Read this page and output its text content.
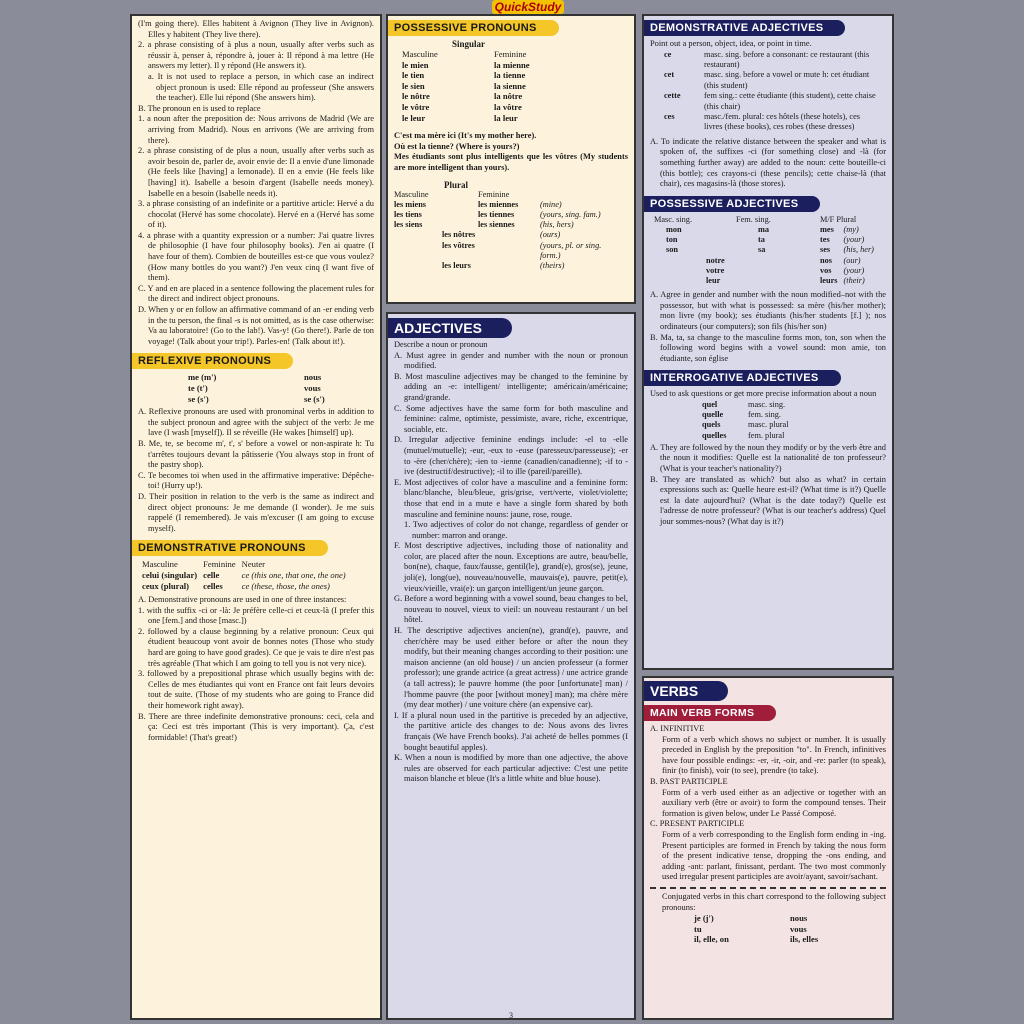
QuickStudy

(I'm going there). Elles habitent à Avignon (They live in Avignon). Elles y habitent (They live there).

2. a phrase consisting of à plus a noun, usually after verbs such as réussir à, penser à, répondre à, jouer à: Il répond à ma lettre (He answers my letter). Il y répond (He answers it).

a. It is not used to replace a person, in which case an indirect object pronoun is used: Elle répond au professeur (She answers the teacher). Elle lui répond (She answers him).

B. The pronoun en is used to replace

1. a noun after the preposition de: Nous arrivons de Madrid (We are arriving from Madrid). Nous en arrivons (We are arriving from there).

2. a phrase consisting of de plus a noun, usually after verbs such as avoir besoin de, parler de, avoir envie de: Il a envie d'une limonade (He feels like [having] a lemonade). Il en a envie (He feels like [having] it). Isabelle a besoin d'argent (Isabelle needs money). Isabelle en a besoin (Isabelle needs it).

3. a phrase consisting of an indefinite or a partitive article: Hervé a du chocolat (Hervé has some chocolate). Hervé en a (Hervé has some of it).

4. a phrase with a quantity expression or a number: J'ai quatre livres de philosophie (I have four philosophy books). J'en ai quatre (I have four of them). Combien de bouteilles est-ce que vous voulez? (How many bottles do you want?) J'en veux cinq (I want five of them).

C. Y and en are placed in a sentence following the placement rules for the direct and indirect object pronouns.

D. When y or en follow an affirmative command of an -er ending verb in the tu person, the final -s is not omitted, as is the case otherwise: Va au laboratoire! (Go to the lab!). Vas-y! (Go there!). Parle de ton voyage! (Talk about your trip!). Parles-en! (Talk about it!).

REFLEXIVE PRONOUNS
me (m')	nous
te (t')	vous
se (s')	se (s')

A. Reflexive pronouns are used with pronominal verbs in addition to the subject pronoun and agree with the subject of the verb: Je me lave (I wash [myself]). Il se réveille (He wakes [himself] up).

B. Me, te, se become m', t', s' before a vowel or non-aspirate h: Tu t'arrêtes toujours devant la pâtisserie (You always stop in front of the pastry shop).

C. Te becomes toi when used in the affirmative imperative: Dépêche-toi! (Hurry up!).

D. Their position in relation to the verb is the same as indirect and direct object pronouns: Je me demande (I wonder). Je me suis rappelé (I remembered). Je vais m'excuser (I am going to excuse myself).

DEMONSTRATIVE PRONOUNS
Masculine	Feminine	Neuter
celui (singular)	celle	ce (this one, that one, the one)
ceux (plural)	celles	ce (these, those, the ones)

A. Demonstrative pronouns are used in one of three instances:

1. with the suffix -ci or -là: Je préfère celle-ci et ceux-là (I prefer this one [fem.] and those [masc.])

2. followed by a clause beginning by a relative pronoun: Ceux qui étudient beaucoup vont avoir de bonnes notes (Those who study hard are going to have good grades). Ce que je vais te dire n'est pas très agréable (That which I am going to tell you is not very nice).

3. followed by a prepositional phrase which usually begins with de: Celles de mes étudiantes qui vont en France ont fait leurs devoirs tout de suite. (Those of my students who are going to France did their homework right away).

B. There are three indefinite demonstrative pronouns: ceci, cela and ça: Ceci est très important (This is very important). Ça, c'est formidable! (That's great!)

POSSESSIVE PRONOUNS
Singular
Masculine	Feminine
le mien	la mienne
le tien	la tienne
le sien	la sienne
le nôtre	la nôtre
le vôtre	la vôtre
le leur	la leur

C'est ma mère ici (It's my mother here).

Où est la tienne? (Where is yours?)

Mes étudiants sont plus intelligents que les vôtres (My students are more intelligent than yours).

Plural
Masculine	Feminine	
les miens	les miennes	(mine)
les tiens	les tiennes	(yours, sing. fam.)
les siens	les siennes	(his, hers)
les nôtres		(ours)
les vôtres		(yours, pl. or sing. form.)
les leurs		(theirs)
ADJECTIVES

Describe a noun or pronoun

A. Must agree in gender and number with the noun or pronoun modified.

B. Most masculine adjectives may be changed to the feminine by adding an -e: intelligent/ intelligente; américain/américaine; grand/grande.

C. Some adjectives have the same form for both masculine and feminine: calme, optimiste, pessimiste, avare, riche, excentrique, sociable, etc.

D. Irregular adjective feminine endings include: -el to -elle (mutuel/mutuelle); -eur, -eux to -euse (paresseux/paresseuse); -er to -ère (cher/chère); -ien to -ienne (canadien/canadienne); -if to -ive (destructif/destructive); -il to ille (pareil/pareille).

E. Most adjectives of color have a masculine and a feminine form: blanc/blanche, bleu/bleue, gris/grise, vert/verte, violet/violette; those that end in a mute e have a single form shared by both masculine and feminine nouns: jaune, rose, rouge.

1. Two adjectives of color do not change, regardless of gender or number: marron and orange.

F. Most descriptive adjectives, including those of nationality and color, are placed after the noun. Exceptions are autre, beau/belle, bon(ne), chaque, faux/fausse, gentil(le), grand(e), gros(se), jeune, joli(e), long(ue), nouveau/nouvelle, mauvais(e), pauvre, petit(e), vieux/vieille, vrai(e): un garçon intelligent/un jeune garçon.

G. Before a word beginning with a vowel sound, beau changes to bel, nouveau to nouvel, vieux to vieil: un nouveau restaurant / un bel hôtel.

H. The descriptive adjectives ancien(ne), grand(e), pauvre, and cher/chère may be used either before or after the noun they modify, but their meaning changes according to their position: une maison ancienne (an old house) / un ancien professeur (a former professor); une grande actrice (a great actress) / une actrice grande (a tall actress); le pauvre homme (the poor [unfortunate] man) / l'homme pauvre (the poor [without money] man); ma chère mère (my dear mother) / une voiture chère (an expensive car).

I. If a plural noun used in the partitive is preceded by an adjective, the partitive article des changes to de: Nous avons des livres français (We have French books). J'ai acheté de belles pommes (I bought beautiful apples).

K. When a noun is modified by more than one adjective, the above rules are observed for each particular adjective: C'est une petite maison blanche et bleue (It's a little white and blue house).

DEMONSTRATIVE ADJECTIVES
Point out a person, object, idea, or point in time.
ce	masc. sing. before a consonant: ce restaurant (this restaurant)
cet	masc. sing. before a vowel or mute h: cet étudiant (this student)
cette	fem sing.: cette étudiante (this student), cette chaise (this chair)
ces	masc./fem. plural: ces hôtels (these hotels), ces livres (these books), ces robes (these dresses)

A. To indicate the relative distance between the speaker and what is spoken of, the suffixes -ci (for something close) and -là (for something further away) are added to the noun: cette bouteille-ci (this bottle); ces crayons-ci (these pencils); cette chaise-là (that chair), ces magasins-là (those stores).

POSSESSIVE ADJECTIVES
Masc. sing.	Fem. sing.	M/F Plural	
mon	ma	mes	(my)
ton	ta	tes	(your)
son	sa	ses	(his, her)
notre		nos	(our)
votre		vos	(your)
leur		leurs	(their)

A. Agree in gender and number with the noun modified–not with the possessor, but with what is possessed: sa mère (his/her mother); mon livre (my book); ses étudiants (his/her students [f.] ); nos ordinateurs (our computers); son fils (his/her son)

B. Ma, ta, sa change to the masculine forms mon, ton, son when the following word begins with a vowel sound: mon amie, ton étudiante, son église

INTERROGATIVE ADJECTIVES
Used to ask questions or get more precise information about a noun
quel	masc. sing.
quelle	fem. sing.
quels	masc. plural
quelles	fem. plural

A. They are followed by the noun they modify or by the verb être and the noun it modifies: Quelle est la nationalité de ton professeur? (What is your teacher's nationality?)

B. They are translated as which? but also as what? in certain expressions such as: Quelle heure est-il? (What time is it?) Quelle est la date aujourd'hui? (What is the date today?) Quelle est l'adresse de notre professeur? (What is our teacher's address) Quel jour sommes-nous? (What day is it?)

VERBS
MAIN VERB FORMS

A. INFINITIVE

Form of a verb which shows no subject or number. It is usually preceded in English by the preposition "to". In French, infinitives have four possible endings: -er, -ir, -oir, and -re: parler (to speak), finir (to finish), voir (to see), prendre (to take).

B. PAST PARTICIPLE

Form of a verb used either as an adjective or together with an auxiliary verb (être or avoir) to form the compound tenses. Their formation is given below, under Le Passé Composé.

C. PRESENT PARTICIPLE

Form of a verb corresponding to the English form ending in -ing. Present participles are formed in French by taking the nous form of the present indicative tense, dropping the -ons ending, and adding -ant: parlant, finissant, perdant. The two most commonly used irregular present participles are avoir/ayant, savoir/sachant.

Conjugated verbs in this chart correspond to the following subject pronouns:
je (j')	nous
tu	vous
il, elle, on	ils, elles
3
